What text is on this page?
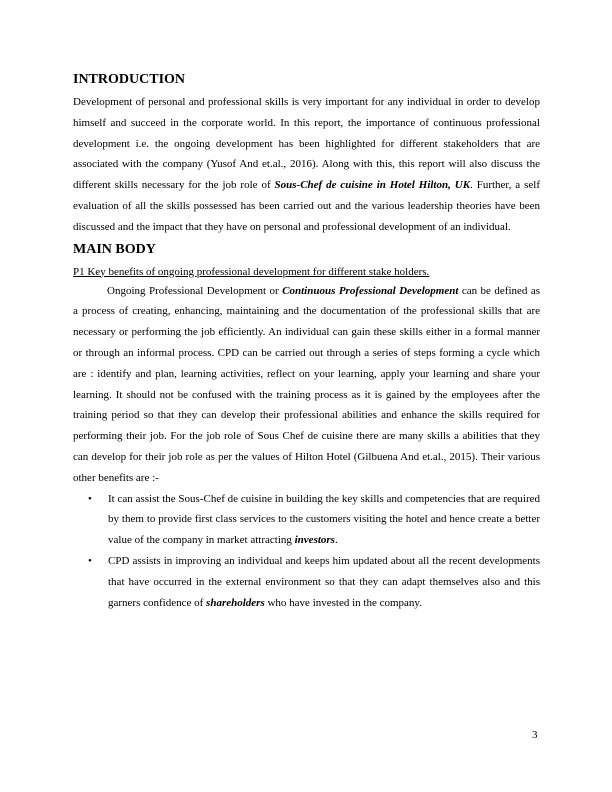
INTRODUCTION

Development of personal and professional skills is very important for any individual in order to develop himself and succeed in the corporate world. In this report, the importance of continuous professional development i.e. the ongoing development has been highlighted for different stakeholders that are associated with the company (Yusof And et.al., 2016). Along with this, this report will also discuss the different skills necessary for the job role of Sous-Chef de cuisine in Hotel Hilton, UK. Further, a self evaluation of all the skills possessed has been carried out and the various leadership theories have been discussed and the impact that they have on personal and professional development of an individual.

MAIN BODY

P1 Key benefits of ongoing professional development for different stake holders.

Ongoing Professional Development or Continuous Professional Development can be defined as a process of creating, enhancing, maintaining and the documentation of the professional skills that are necessary or performing the job efficiently. An individual can gain these skills either in a formal manner or through an informal process. CPD can be carried out through a series of steps forming a cycle which are : identify and plan, learning activities, reflect on your learning, apply your learning and share your learning. It should not be confused with the training process as it is gained by the employees after the training period so that they can develop their professional abilities and enhance the skills required for performing their job. For the job role of Sous Chef de cuisine there are many skills a abilities that they can develop for their job role as per the values of Hilton Hotel (Gilbuena And et.al., 2015). Their various other benefits are :-

• It can assist the Sous-Chef de cuisine in building the key skills and competencies that are required by them to provide first class services to the customers visiting the hotel and hence create a better value of the company in market attracting investors.
• CPD assists in improving an individual and keeps him updated about all the recent developments that have occurred in the external environment so that they can adapt themselves also and this garners confidence of shareholders who have invested in the company.
3
